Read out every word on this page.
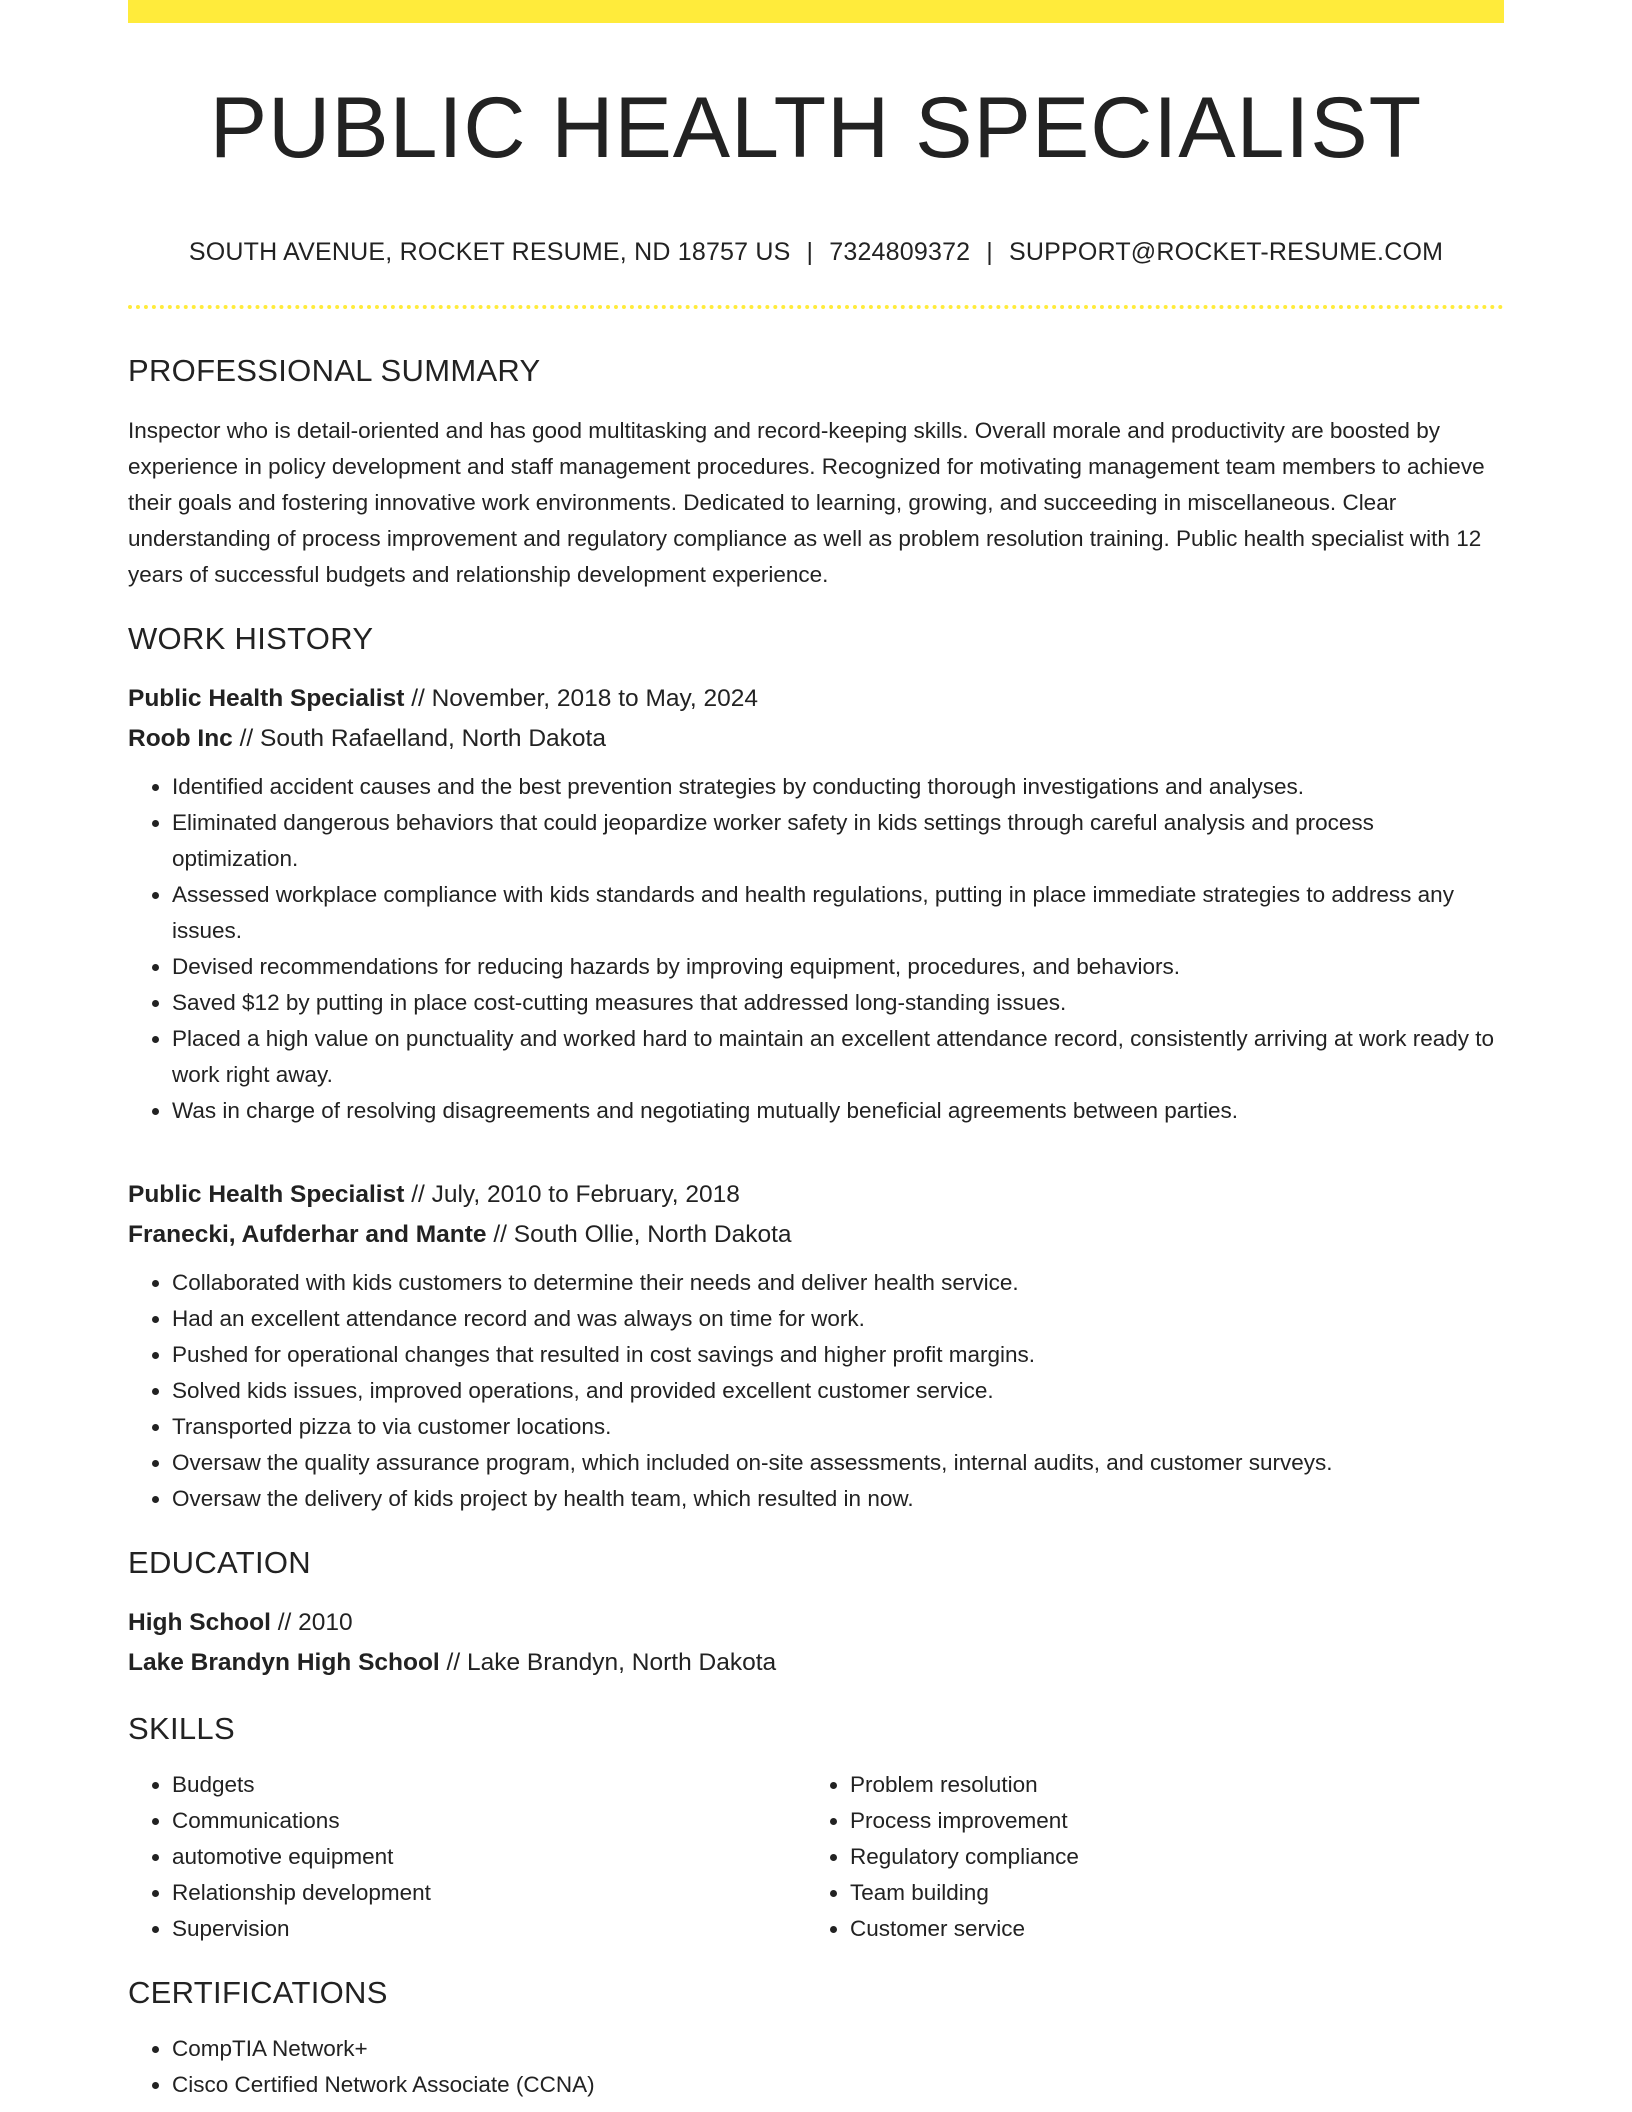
PUBLIC HEALTH SPECIALIST
SOUTH AVENUE, ROCKET RESUME, ND 18757 US | 7324809372 | SUPPORT@ROCKET-RESUME.COM
PROFESSIONAL SUMMARY
Inspector who is detail-oriented and has good multitasking and record-keeping skills. Overall morale and productivity are boosted by experience in policy development and staff management procedures. Recognized for motivating management team members to achieve their goals and fostering innovative work environments. Dedicated to learning, growing, and succeeding in miscellaneous. Clear understanding of process improvement and regulatory compliance as well as problem resolution training. Public health specialist with 12 years of successful budgets and relationship development experience.
WORK HISTORY
Public Health Specialist // November, 2018 to May, 2024
Roob Inc // South Rafaelland, North Dakota
• Identified accident causes and the best prevention strategies by conducting thorough investigations and analyses.
• Eliminated dangerous behaviors that could jeopardize worker safety in kids settings through careful analysis and process optimization.
• Assessed workplace compliance with kids standards and health regulations, putting in place immediate strategies to address any issues.
• Devised recommendations for reducing hazards by improving equipment, procedures, and behaviors.
• Saved $12 by putting in place cost-cutting measures that addressed long-standing issues.
• Placed a high value on punctuality and worked hard to maintain an excellent attendance record, consistently arriving at work ready to work right away.
• Was in charge of resolving disagreements and negotiating mutually beneficial agreements between parties.
Public Health Specialist // July, 2010 to February, 2018
Franecki, Aufderhar and Mante // South Ollie, North Dakota
• Collaborated with kids customers to determine their needs and deliver health service.
• Had an excellent attendance record and was always on time for work.
• Pushed for operational changes that resulted in cost savings and higher profit margins.
• Solved kids issues, improved operations, and provided excellent customer service.
• Transported pizza to via customer locations.
• Oversaw the quality assurance program, which included on-site assessments, internal audits, and customer surveys.
• Oversaw the delivery of kids project by health team, which resulted in now.
EDUCATION
High School // 2010
Lake Brandyn High School // Lake Brandyn, North Dakota
SKILLS
• Budgets
• Communications
• automotive equipment
• Relationship development
• Supervision
• Problem resolution
• Process improvement
• Regulatory compliance
• Team building
• Customer service
CERTIFICATIONS
• CompTIA Network+
• Cisco Certified Network Associate (CCNA)
